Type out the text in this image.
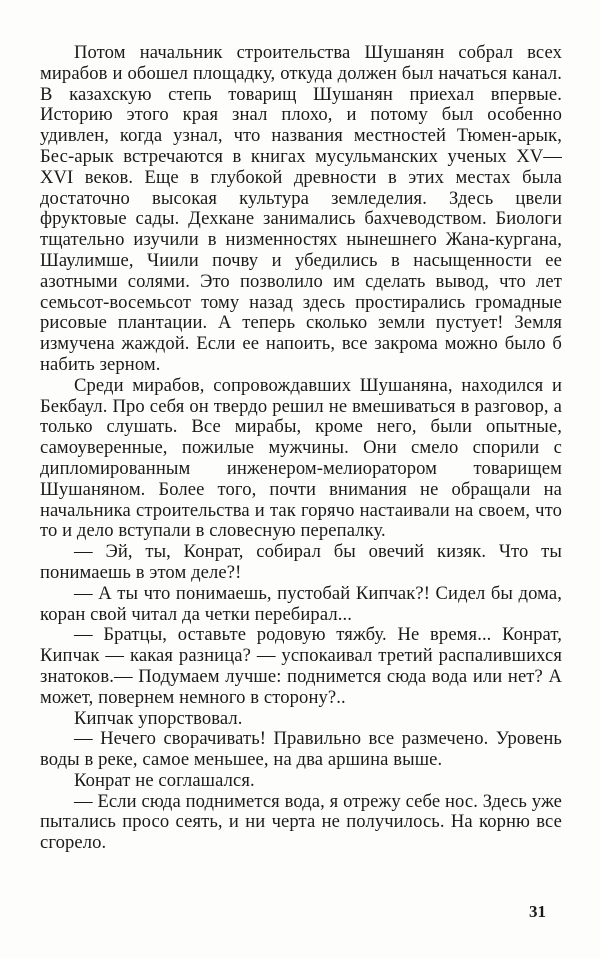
Потом начальник строительства Шушанян собрал всех мирабов и обошел площадку, откуда должен был начаться канал. В казахскую степь товарищ Шушанян приехал впервые. Историю этого края знал плохо, и потому был особенно удивлен, когда узнал, что названия местностей Тюмен-арык, Бес-арык встречаются в книгах мусульманских ученых XV—XVI веков. Еще в глубокой древности в этих местах была достаточно высокая культура земледелия. Здесь цвели фруктовые сады. Дехкане занимались бахчеводством. Биологи тщательно изучили в низменностях нынешнего Жана-кургана, Шаулимше, Чиили почву и убедились в насыщенности ее азотными солями. Это позволило им сделать вывод, что лет семьсот-восемьсот тому назад здесь простирались громадные рисовые плантации. А теперь сколько земли пустует! Земля измучена жаждой. Если ее напоить, все закрома можно было б набить зерном.

Среди мирабов, сопровождавших Шушаняна, находился и Бекбаул. Про себя он твердо решил не вмешиваться в разговор, а только слушать. Все мирабы, кроме него, были опытные, самоуверенные, пожилые мужчины. Они смело спорили с дипломированным инженером-мелиоратором товарищем Шушаняном. Более того, почти внимания не обращали на начальника строительства и так горячо настаивали на своем, что то и дело вступали в словесную перепалку.

— Эй, ты, Конрат, собирал бы овечий кизяк. Что ты понимаешь в этом деле?!

— А ты что понимаешь, пустобай Кипчак?! Сидел бы дома, коран свой читал да четки перебирал...

— Братцы, оставьте родовую тяжбу. Не время... Конрат, Кипчак — какая разница? — успокаивал третий распалившихся знатоков.— Подумаем лучше: поднимется сюда вода или нет? А может, повернем немного в сторону?..

Кипчак упорствовал.

— Нечего сворачивать! Правильно все размечено. Уровень воды в реке, самое меньшее, на два аршина выше.

Конрат не соглашался.

— Если сюда поднимется вода, я отрежу себе нос. Здесь уже пытались просо сеять, и ни черта не получилось. На корню все сгорело.

31
